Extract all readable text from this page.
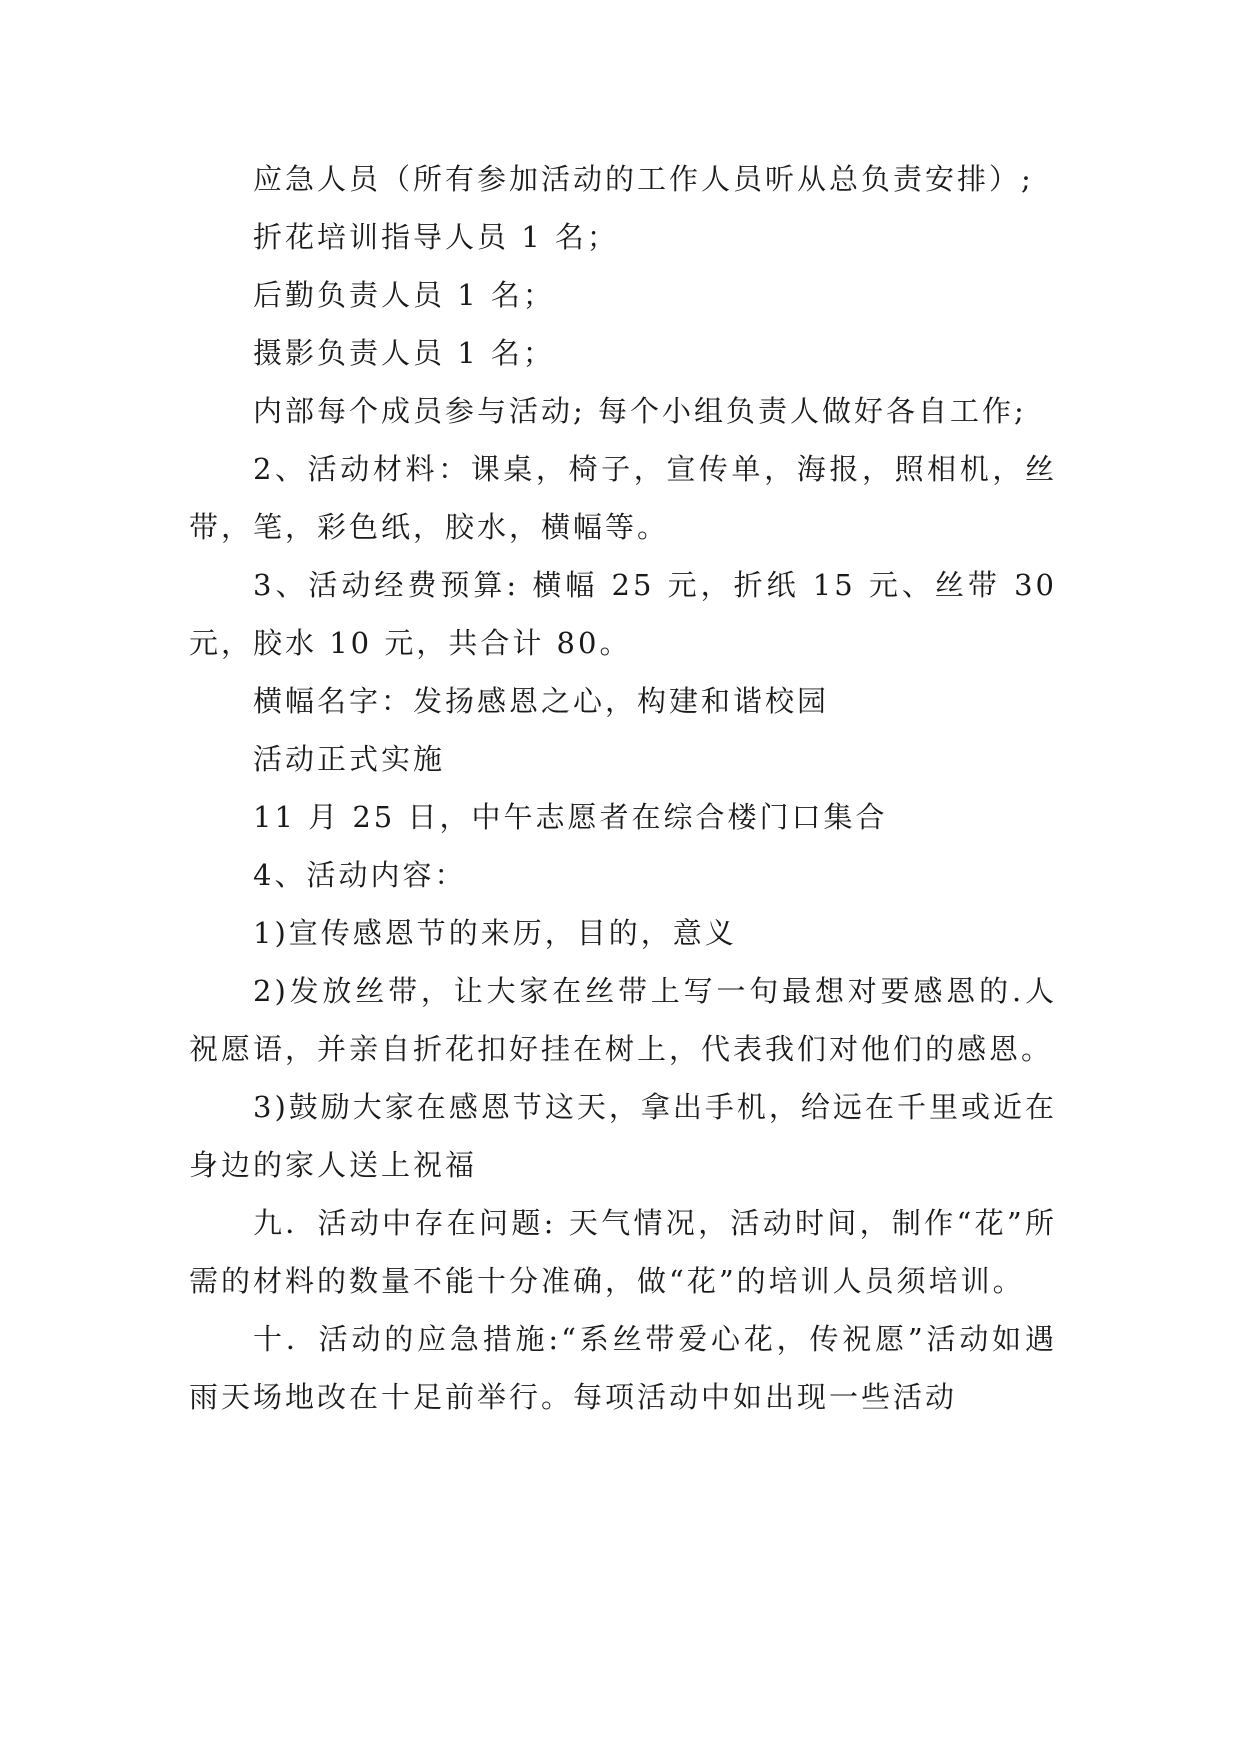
应急人员（所有参加活动的工作人员听从总负责安排）;

折花培训指导人员 1 名；

后勤负责人员 1 名；

摄影负责人员 1 名；

内部每个成员参与活动; 每个小组负责人做好各自工作;

2、活动材料：课桌，椅子，宣传单，海报，照相机，丝带，笔，彩色纸，胶水，横幅等。

3、活动经费预算: 横幅 25 元，折纸 15 元、丝带 30 元，胶水 10 元，共合计 80。

横幅名字：发扬感恩之心，构建和谐校园

活动正式实施

11 月 25 日，中午志愿者在综合楼门口集合

4、活动内容：

1)宣传感恩节的来历，目的，意义

2)发放丝带，让大家在丝带上写一句最想对要感恩的.人祝愿语，并亲自折花扣好挂在树上，代表我们对他们的感恩。

3)鼓励大家在感恩节这天，拿出手机，给远在千里或近在身边的家人送上祝福

九．活动中存在问题: 天气情况，活动时间，制作“花”所需的材料的数量不能十分准确，做“花”的培训人员须培训。

十．活动的应急措施:“系丝带爱心花，传祝愿”活动如遇雨天场地改在十足前举行。每项活动中如出现一些活动
